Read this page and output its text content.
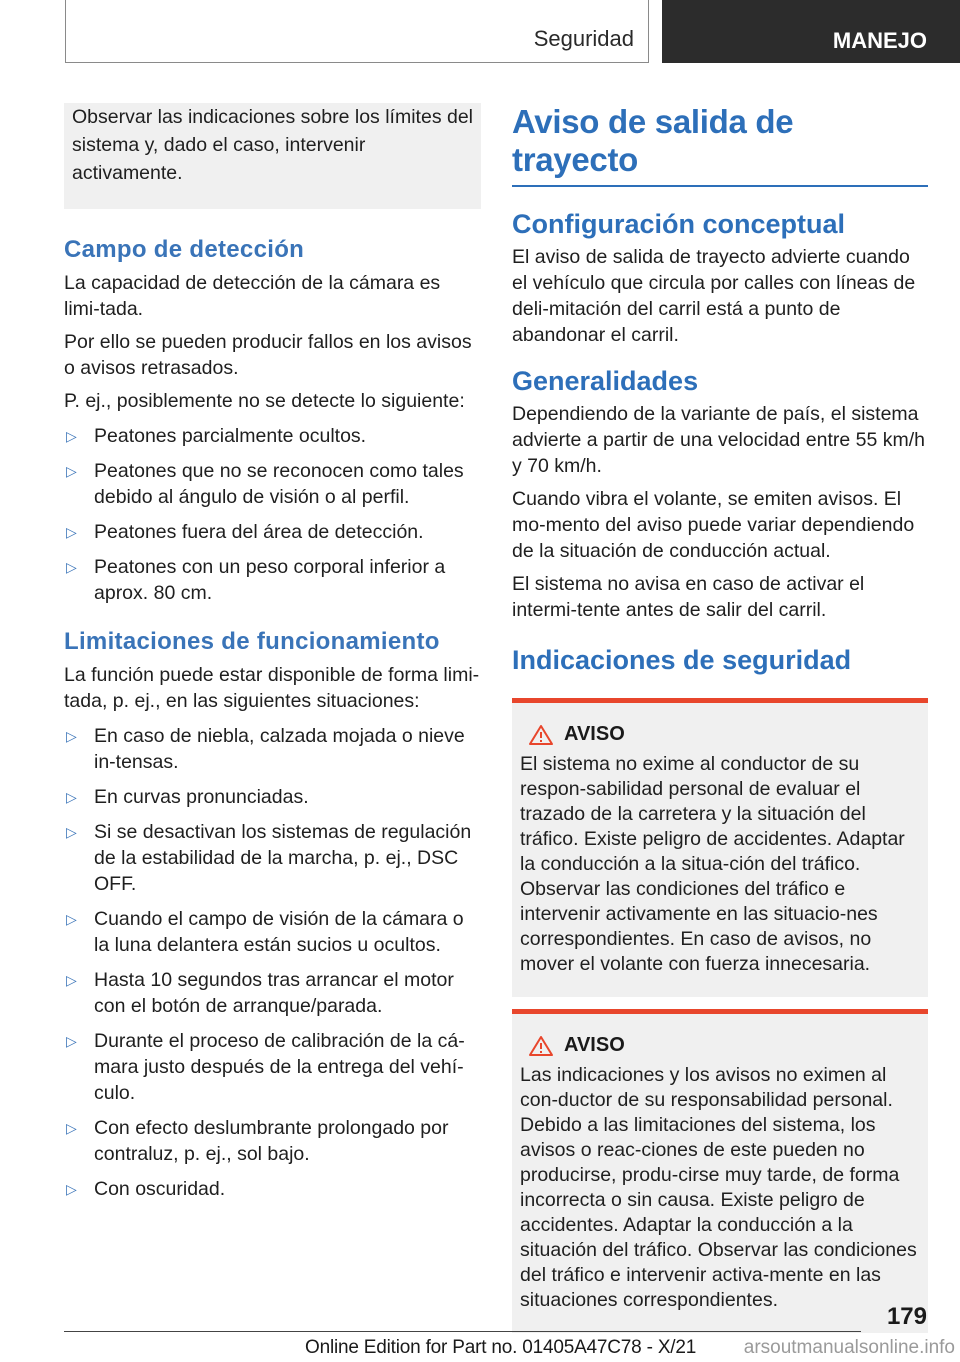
Seguridad	MANEJO
Observar las indicaciones sobre los límites del sistema y, dado el caso, intervenir activamente.
Campo de detección

La capacidad de detección de la cámara es limi-tada.

Por ello se pueden producir fallos en los avisos o avisos retrasados.

P. ej., posiblemente no se detecte lo siguiente:

▷ Peatones parcialmente ocultos.
▷ Peatones que no se reconocen como tales debido al ángulo de visión o al perfil.
▷ Peatones fuera del área de detección.
▷ Peatones con un peso corporal inferior a aprox. 80 cm.
Limitaciones de funcionamiento

La función puede estar disponible de forma limi-tada, p. ej., en las siguientes situaciones:

▷ En caso de niebla, calzada mojada o nieve in-tensas.
▷ En curvas pronunciadas.
▷ Si se desactivan los sistemas de regulación de la estabilidad de la marcha, p. ej., DSC OFF.
▷ Cuando el campo de visión de la cámara o la luna delantera están sucios u ocultos.
▷ Hasta 10 segundos tras arrancar el motor con el botón de arranque/parada.
▷ Durante el proceso de calibración de la cá-mara justo después de la entrega del vehí-culo.
▷ Con efecto deslumbrante prolongado por contraluz, p. ej., sol bajo.
▷ Con oscuridad.
Aviso de salida de trayecto
Configuración conceptual

El aviso de salida de trayecto advierte cuando el vehículo que circula por calles con líneas de deli-mitación del carril está a punto de abandonar el carril.

Generalidades

Dependiendo de la variante de país, el sistema advierte a partir de una velocidad entre 55 km/h y 70 km/h.

Cuando vibra el volante, se emiten avisos. El mo-mento del aviso puede variar dependiendo de la situación de conducción actual.

El sistema no avisa en caso de activar el intermi-tente antes de salir del carril.

Indicaciones de seguridad
AVISO

El sistema no exime al conductor de su respon-sabilidad personal de evaluar el trazado de la carretera y la situación del tráfico. Existe peligro de accidentes. Adaptar la conducción a la situa-ción del tráfico. Observar las condiciones del tráfico e intervenir activamente en las situacio-nes correspondientes. En caso de avisos, no mover el volante con fuerza innecesaria.

AVISO

Las indicaciones y los avisos no eximen al con-ductor de su responsabilidad personal. Debido a las limitaciones del sistema, los avisos o reac-ciones de este pueden no producirse, produ-cirse muy tarde, de forma incorrecta o sin causa. Existe peligro de accidentes. Adaptar la conducción a la situación del tráfico. Observar las condiciones del tráfico e intervenir activa-mente en las situaciones correspondientes.

179
Online Edition for Part no. 01405A47C78 - X/21	arsoutmanualsonline.info
